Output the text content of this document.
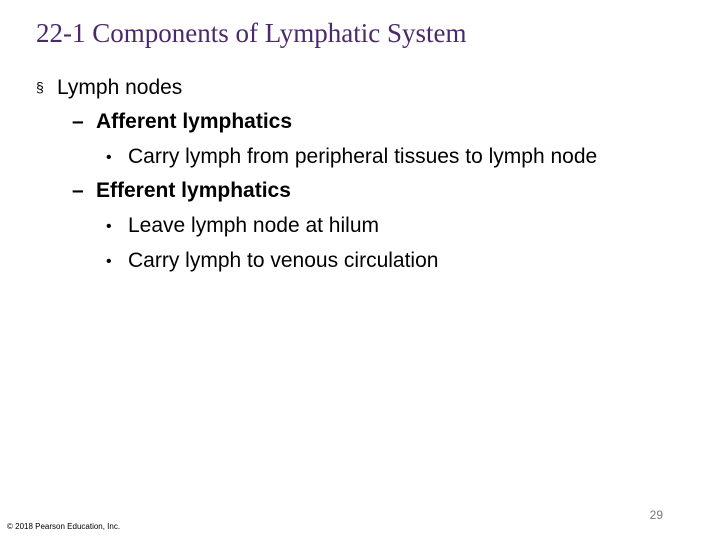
22-1 Components of Lymphatic System
§ Lymph nodes
– Afferent lymphatics
• Carry lymph from peripheral tissues to lymph node
– Efferent lymphatics
• Leave lymph node at hilum
• Carry lymph to venous circulation
29
© 2018 Pearson Education, Inc.
